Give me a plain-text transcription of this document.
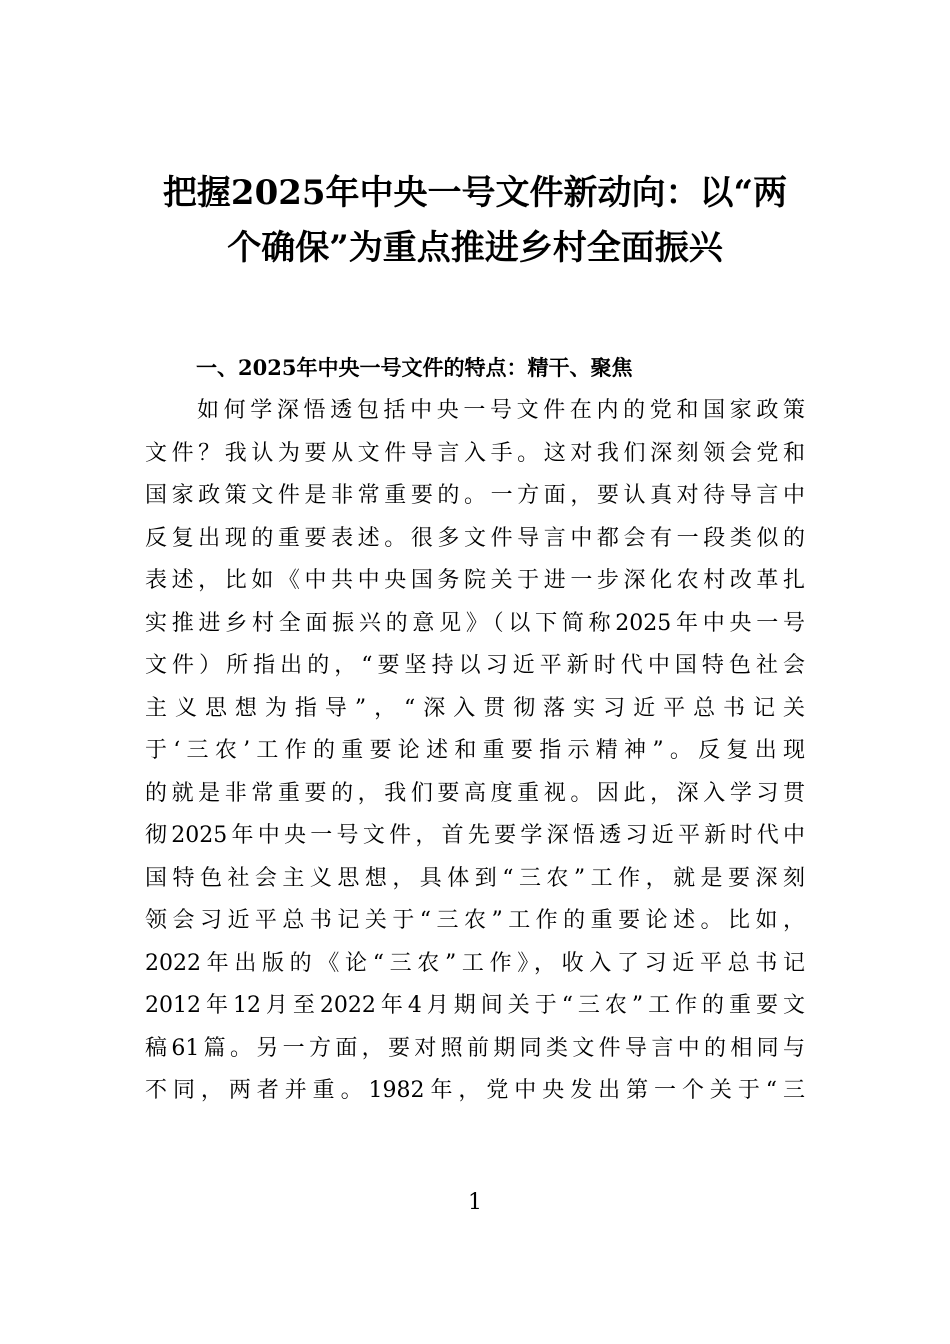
把握2025年中央一号文件新动向：以“两
个确保”为重点推进乡村全面振兴
一、2025年中央一号文件的特点：精干、聚焦
如何学深悟透包括中央一号文件在内的党和国家政策
文件？我认为要从文件导言入手。这对我们深刻领会党和
国家政策文件是非常重要的。一方面，要认真对待导言中
反复出现的重要表述。很多文件导言中都会有一段类似的
表述，比如《中共中央国务院关于进一步深化农村改革扎
实推进乡村全面振兴的意见》（以下简称2025年中央一号
文件）所指出的，“要坚持以习近平新时代中国特色社会
主义思想为指导”，“深入贯彻落实习近平总书记关
于‘三农’工作的重要论述和重要指示精神”。反复出现
的就是非常重要的，我们要高度重视。因此，深入学习贯
彻2025年中央一号文件，首先要学深悟透习近平新时代中
国特色社会主义思想，具体到“三农”工作，就是要深刻
领会习近平总书记关于“三农”工作的重要论述。比如，
2022年出版的《论“三农”工作》，收入了习近平总书记
2012年12月至2022年4月期间关于“三农”工作的重要文
稿61篇。另一方面，要对照前期同类文件导言中的相同与
不同，两者并重。1982年，党中央发出第一个关于“三
1
